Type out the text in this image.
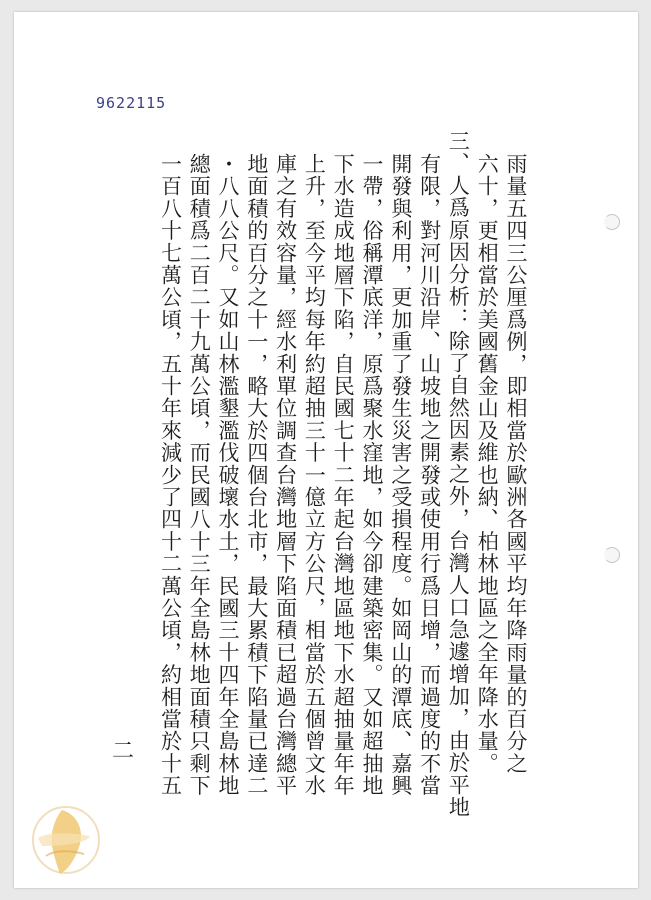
9622115
雨量五四三公厘爲例，即相當於歐洲各國平均年降雨量的百分之
六十，更相當於美國舊金山及維也納、柏林地區之全年降水量。
三、人爲原因分析：除了自然因素之外，台灣人口急遽增加，由於平地
有限，對河川沿岸、山坡地之開發或使用行爲日增，而過度的不當
開發與利用，更加重了發生災害之受損程度。如岡山的潭底、嘉興
一帶，俗稱潭底洋，原爲聚水窪地，如今卻建築密集。又如超抽地
下水造成地層下陷，自民國七十二年起台灣地區地下水超抽量年年
上升，至今平均每年約超抽三十一億立方公尺，相當於五個曾文水
庫之有效容量，經水利單位調查台灣地層下陷面積已超過台灣總平
地面積的百分之十一，略大於四個台北市，最大累積下陷量已達二
・八八公尺。又如山林濫墾濫伐破壞水土，民國三十四年全島林地
總面積爲二百二十九萬公頃，而民國八十三年全島林地面積只剩下
一百八十七萬公頃，五十年來減少了四十二萬公頃，約相當於十五
二
